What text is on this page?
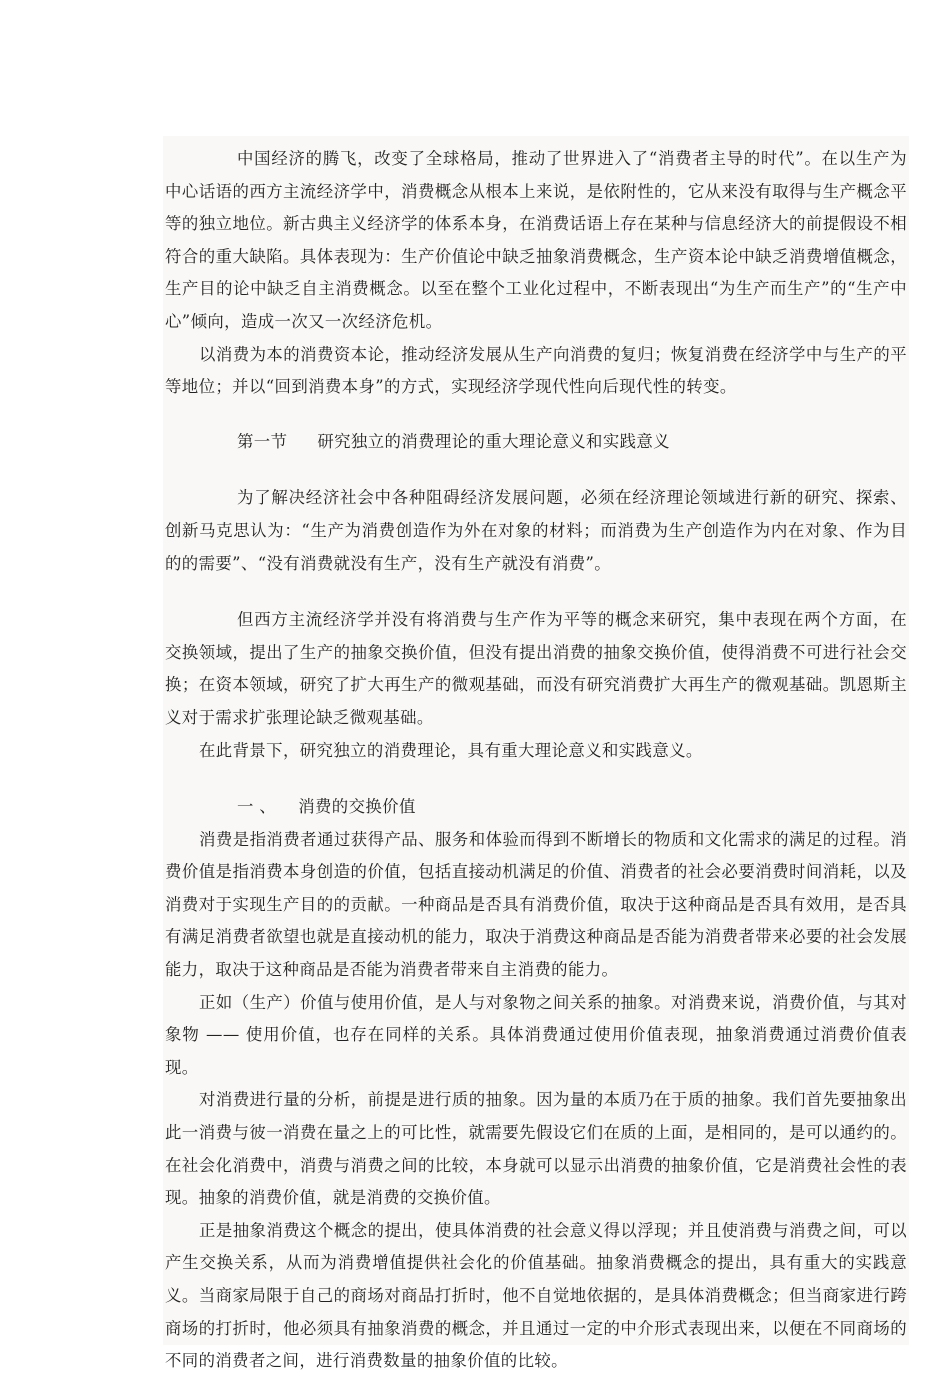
中国经济的腾飞，改变了全球格局，推动了世界进入了“消费者主导的时代”。在以生产为中心话语的西方主流经济学中，消费概念从根本上来说，是依附性的，它从来没有取得与生产概念平等的独立地位。新古典主义经济学的体系本身，在消费话语上存在某种与信息经济大的前提假设不相符合的重大缺陷。具体表现为：生产价值论中缺乏抽象消费概念，生产资本论中缺乏消费增值概念，生产目的论中缺乏自主消费概念。以至在整个工业化过程中，不断表现出“为生产而生产”的“生产中心”倾向，造成一次又一次经济危机。

以消费为本的消费资本论，推动经济发展从生产向消费的复归；恢复消费在经济学中与生产的平等地位；并以“回到消费本身”的方式，实现经济学现代性向后现代性的转变。

第一节 研究独立的消费理论的重大理论意义和实践意义

为了解决经济社会中各种阻碍经济发展问题，必须在经济理论领域进行新的研究、探索、创新马克思认为：“生产为消费创造作为外在对象的材料；而消费为生产创造作为内在对象、作为目的的需要”、“没有消费就没有生产，没有生产就没有消费”。

但西方主流经济学并没有将消费与生产作为平等的概念来研究，集中表现在两个方面，在交换领域，提出了生产的抽象交换价值，但没有提出消费的抽象交换价值，使得消费不可进行社会交换；在资本领域，研究了扩大再生产的微观基础，而没有研究消费扩大再生产的微观基础。凯恩斯主义对于需求扩张理论缺乏微观基础。

在此背景下，研究独立的消费理论，具有重大理论意义和实践意义。

一 、 消费的交换价值

消费是指消费者通过获得产品、服务和体验而得到不断增长的物质和文化需求的满足的过程。消费价值是指消费本身创造的价值，包括直接动机满足的价值、消费者的社会必要消费时间消耗，以及消费对于实现生产目的的贡献。一种商品是否具有消费价值，取决于这种商品是否具有效用，是否具有满足消费者欲望也就是直接动机的能力，取决于消费这种商品是否能为消费者带来必要的社会发展能力，取决于这种商品是否能为消费者带来自主消费的能力。

正如（生产）价值与使用价值，是人与对象物之间关系的抽象。对消费来说，消费价值，与其对象物 —— 使用价值，也存在同样的关系。具体消费通过使用价值表现，抽象消费通过消费价值表现。

对消费进行量的分析，前提是进行质的抽象。因为量的本质乃在于质的抽象。我们首先要抽象出此一消费与彼一消费在量之上的可比性，就需要先假设它们在质的上面，是相同的，是可以通约的。在社会化消费中，消费与消费之间的比较，本身就可以显示出消费的抽象价值，它是消费社会性的表现。抽象的消费价值，就是消费的交换价值。

正是抽象消费这个概念的提出，使具体消费的社会意义得以浮现；并且使消费与消费之间，可以产生交换关系，从而为消费增值提供社会化的价值基础。抽象消费概念的提出，具有重大的实践意义。当商家局限于自己的商场对商品打折时，他不自觉地依据的，是具体消费概念；但当商家进行跨商场的打折时，他必须具有抽象消费的概念，并且通过一定的中介形式表现出来，以便在不同商场的不同的消费者之间，进行消费数量的抽象价值的比较。
